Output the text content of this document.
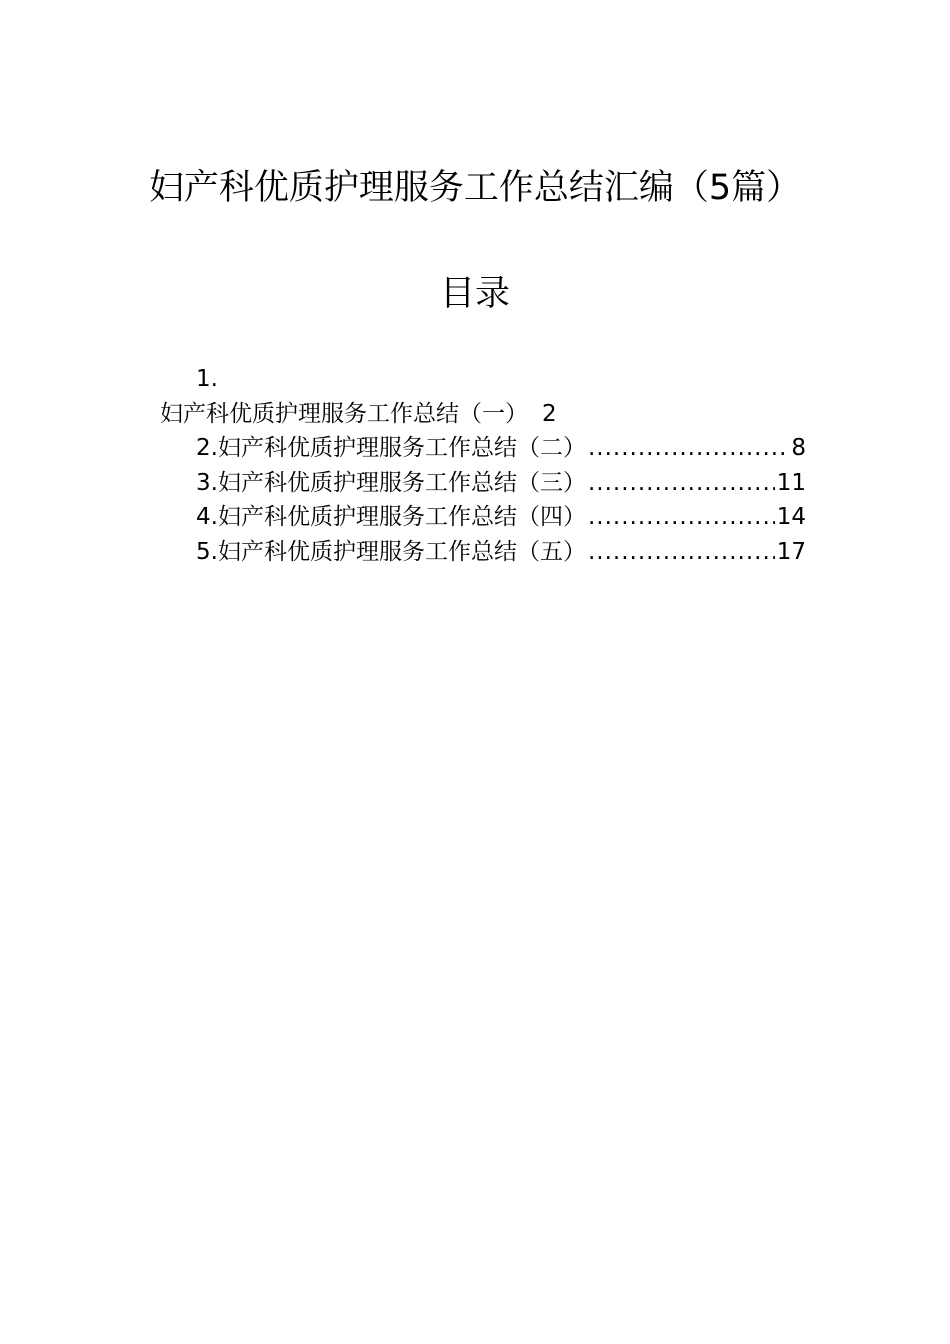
妇产科优质护理服务工作总结汇编（5篇）
目录
1.
妇产科优质护理服务工作总结（一） 2
2.妇产科优质护理服务工作总结（二） .....	8
3.妇产科优质护理服务工作总结（三） .....	11
4.妇产科优质护理服务工作总结（四） .....	14
5.妇产科优质护理服务工作总结（五） .....	17
